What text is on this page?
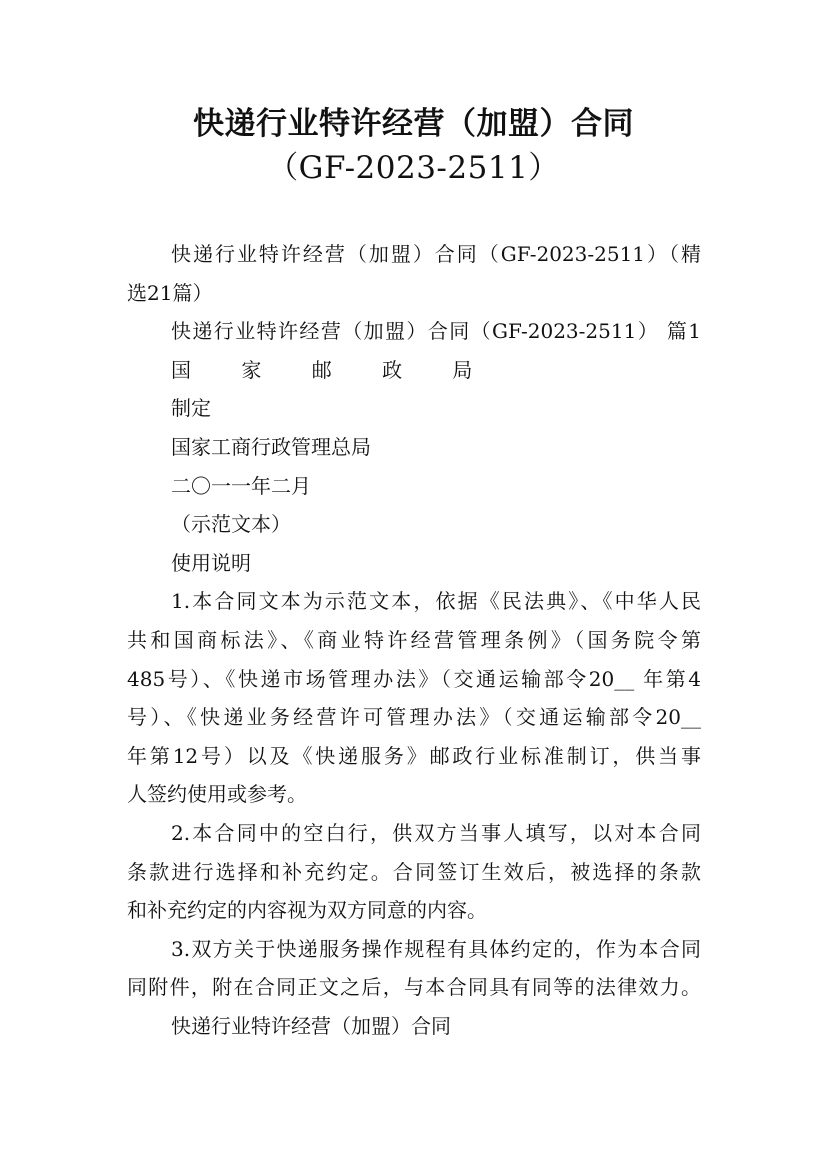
快递行业特许经营（加盟）合同
（GF-2023-2511）
快递行业特许经营（加盟）合同（GF-2023-2511）（精
选21篇）
快递行业特许经营（加盟）合同（GF-2023-2511） 篇1
国 家 邮 政 局
制定
国家工商行政管理总局
二〇一一年二月
（示范文本）
使用说明
1.本合同文本为示范文本，依据《民法典》、《中华人民
共和国商标法》、《商业特许经营管理条例》（国务院令第
485号）、《快递市场管理办法》（交通运输部令20__ 年第4
号）、《快递业务经营许可管理办法》（交通运输部令20__
年第12号）以及《快递服务》邮政行业标准制订，供当事
人签约使用或参考。
2.本合同中的空白行，供双方当事人填写，以对本合同
条款进行选择和补充约定。合同签订生效后，被选择的条款
和补充约定的内容视为双方同意的内容。
3.双方关于快递服务操作规程有具体约定的，作为本合同
同附件，附在合同正文之后，与本合同具有同等的法律效力。
快递行业特许经营（加盟）合同
